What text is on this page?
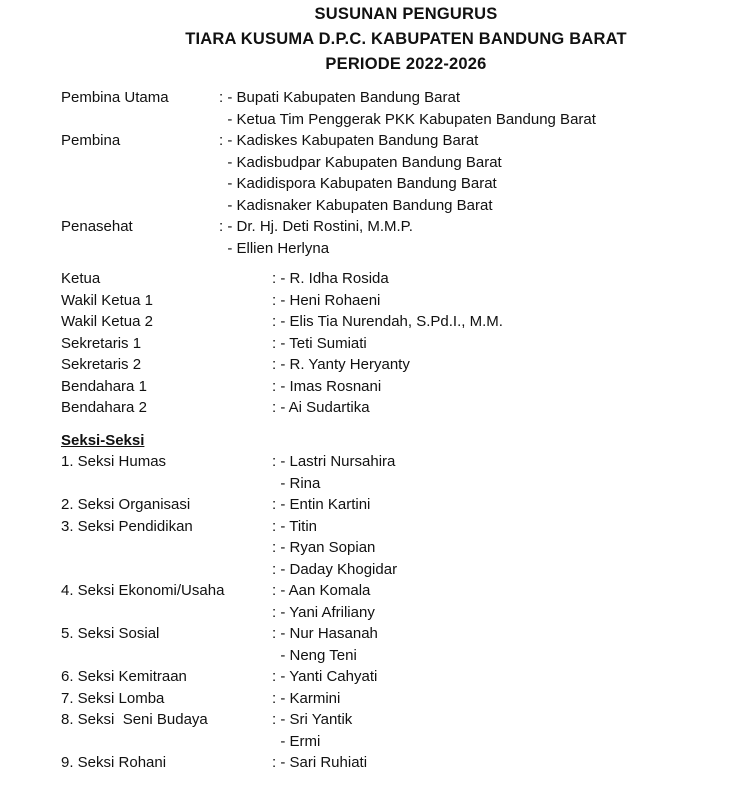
SUSUNAN PENGURUS
TIARA KUSUMA D.P.C. KABUPATEN BANDUNG BARAT
PERIODE 2022-2026
Pembina Utama	: - Bupati Kabupaten Bandung Barat
- Ketua Tim Penggerak PKK Kabupaten Bandung Barat
Pembina	: - Kadiskes Kabupaten Bandung Barat
- Kadisbudpar Kabupaten Bandung Barat
- Kadidispora Kabupaten Bandung Barat
- Kadisnaker Kabupaten Bandung Barat
Penasehat	: - Dr. Hj. Deti Rostini, M.M.P.
- Ellien Herlyna
Ketua	: - R. Idha Rosida
Wakil Ketua 1	: - Heni Rohaeni
Wakil Ketua 2	: - Elis Tia Nurendah, S.Pd.I., M.M.
Sekretaris 1	: - Teti Sumiati
Sekretaris 2	: - R. Yanty Heryanty
Bendahara 1	: - Imas Rosnani
Bendahara 2	: - Ai Sudartika
Seksi-Seksi
1. Seksi Humas	: - Lastri Nursahira
- Rina
2. Seksi Organisasi	: - Entin Kartini
3. Seksi Pendidikan	: - Titin
: - Ryan Sopian
: - Daday Khogidar
4. Seksi Ekonomi/Usaha	: - Aan Komala
: - Yani Afriliany
5. Seksi Sosial	: - Nur Hasanah
- Neng Teni
6. Seksi Kemitraan	: - Yanti Cahyati
7. Seksi Lomba	: - Karmini
8. Seksi  Seni Budaya	: - Sri Yantik
- Ermi
9. Seksi Rohani	: - Sari Ruhiati
